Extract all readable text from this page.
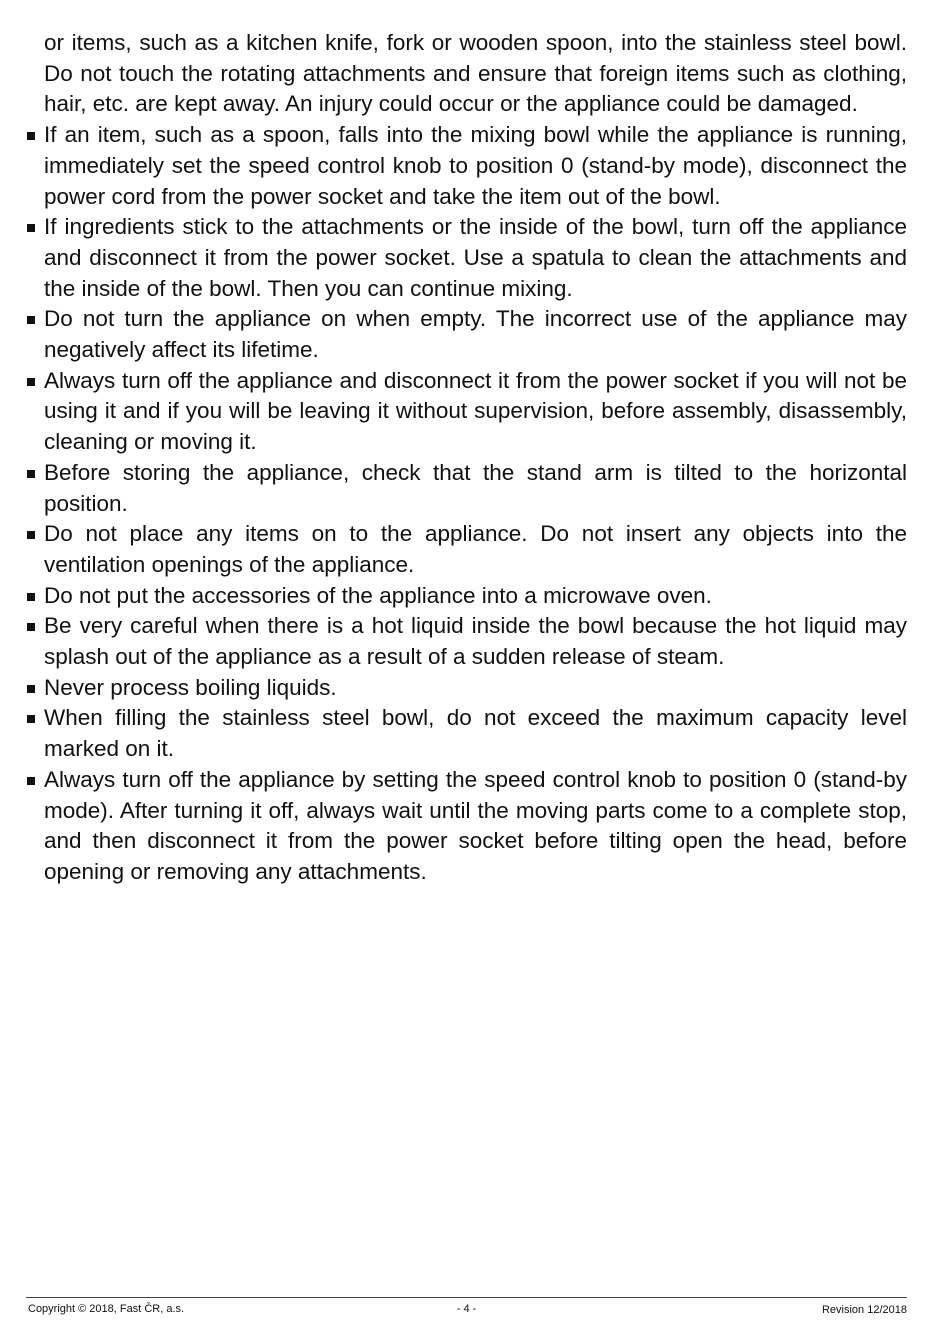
or items, such as a kitchen knife, fork or wooden spoon, into the stainless steel bowl. Do not touch the rotating attachments and ensure that foreign items such as clothing, hair, etc. are kept away. An injury could occur or the appliance could be damaged.

If an item, such as a spoon, falls into the mixing bowl while the appliance is running, immediately set the speed control knob to position 0 (stand-by mode), disconnect the power cord from the power socket and take the item out of the bowl.
If ingredients stick to the attachments or the inside of the bowl, turn off the appliance and disconnect it from the power socket. Use a spatula to clean the attachments and the inside of the bowl. Then you can continue mixing.
Do not turn the appliance on when empty. The incorrect use of the appliance may negatively affect its lifetime.
Always turn off the appliance and disconnect it from the power socket if you will not be using it and if you will be leaving it without supervision, before assembly, disassembly, cleaning or moving it.
Before storing the appliance, check that the stand arm is tilted to the horizontal position.
Do not place any items on to the appliance. Do not insert any objects into the ventilation openings of the appliance.
Do not put the accessories of the appliance into a microwave oven.
Be very careful when there is a hot liquid inside the bowl because the hot liquid may splash out of the appliance as a result of a sudden release of steam.
Never process boiling liquids.
When filling the stainless steel bowl, do not exceed the maximum capacity level marked on it.
Always turn off the appliance by setting the speed control knob to position 0 (stand-by mode). After turning it off, always wait until the moving parts come to a complete stop, and then disconnect it from the power socket before tilting open the head, before opening or removing any attachments.
Copyright © 2018, Fast ČR, a.s.	- 4 -	Revision 12/2018
